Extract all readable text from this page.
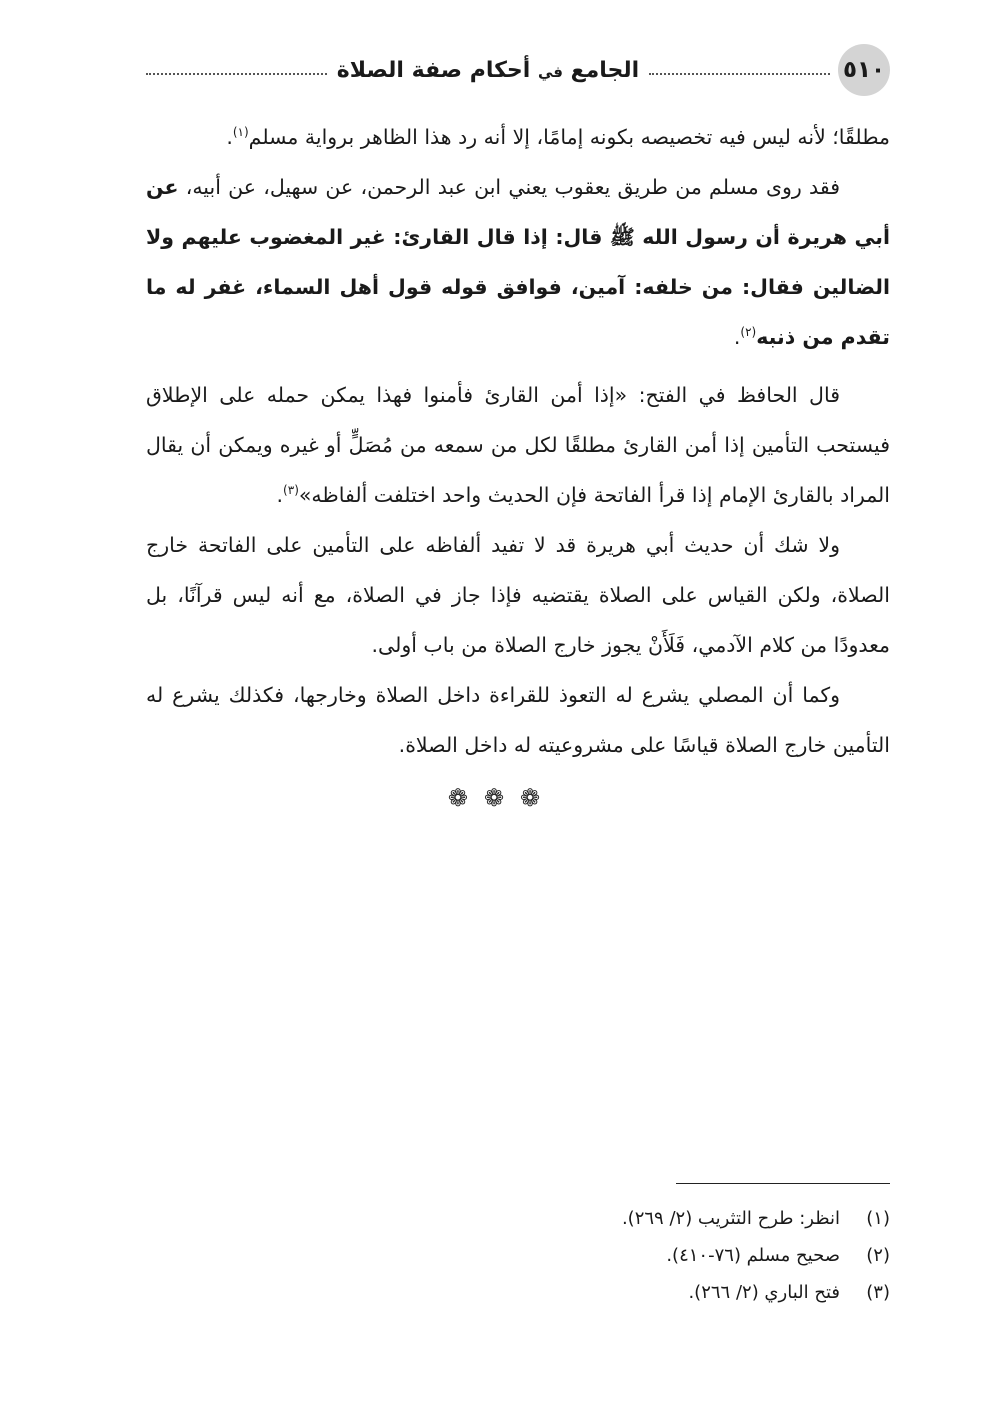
٥١٠
الجامع في أحكام صفة الصلاة

مطلقًا؛ لأنه ليس فيه تخصيصه بكونه إمامًا، إلا أنه رد هذا الظاهر برواية مسلم$^{(١)}$.

فقد روى مسلم من طريق يعقوب يعني ابن عبد الرحمن، عن سهيل، عن أبيه، عن أبي هريرة أن رسول الله ﷺ قال: إذا قال القارئ: غير المغضوب عليهم ولا الضالين فقال: من خلفه: آمين، فوافق قوله قول أهل السماء، غفر له ما تقدم من ذنبه$^{(٢)}$.

قال الحافظ في الفتح: «إذا أمن القارئ فأمنوا فهذا يمكن حمله على الإطلاق فيستحب التأمين إذا أمن القارئ مطلقًا لكل من سمعه من مُصَلٍّ أو غيره ويمكن أن يقال المراد بالقارئ الإمام إذا قرأ الفاتحة فإن الحديث واحد اختلفت ألفاظه»$^{(٣)}$.

ولا شك أن حديث أبي هريرة قد لا تفيد ألفاظه على التأمين على الفاتحة خارج الصلاة، ولكن القياس على الصلاة يقتضيه فإذا جاز في الصلاة، مع أنه ليس قرآنًا، بل معدودًا من كلام الآدمي، فَلَأَنْ يجوز خارج الصلاة من باب أولى.

وكما أن المصلي يشرع له التعوذ للقراءة داخل الصلاة وخارجها، فكذلك يشرع له التأمين خارج الصلاة قياسًا على مشروعيته له داخل الصلاة.

❁❁❁
(١)
انظر: طرح التثريب (٢/ ٢٦٩).
(٢)
صحيح مسلم (٧٦-٤١٠).
(٣)
فتح الباري (٢/ ٢٦٦).
